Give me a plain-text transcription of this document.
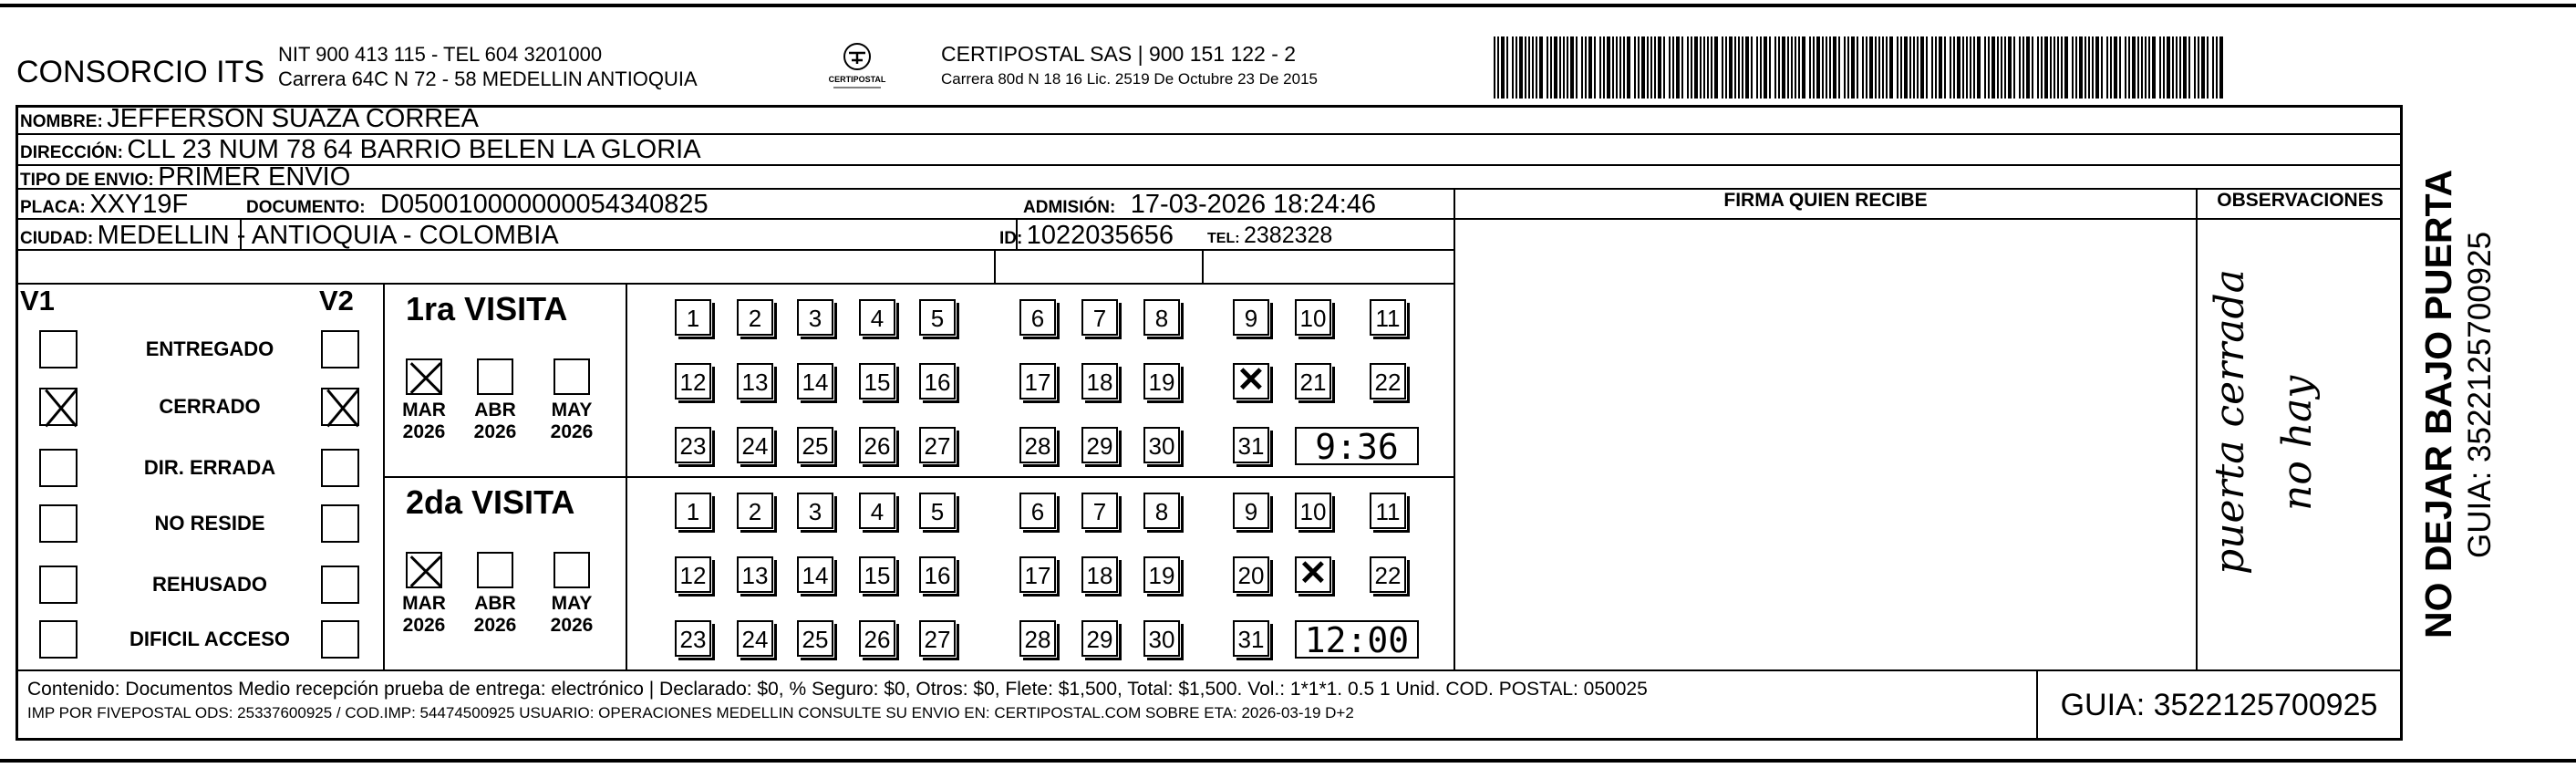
CONSORCIO ITS
NIT 900 413 115 - TEL 604 3201000
Carrera 64C N 72 - 58 MEDELLIN ANTIOQUIA	CERTIPOSTAL
CERTIPOSTAL SAS | 900 151 122 - 2
Carrera 80d N 18 16 Lic. 2519 De Octubre 23 De 2015
NOMBRE: JEFFERSON SUAZA CORREA
DIRECCIÓN: CLL 23 NUM 78 64 BARRIO BELEN LA GLORIA
TIPO DE ENVIO: PRIMER ENVIO
PLACA: XXY19F	DOCUMENTO: D050010000000054340825	ADMISIÓN: 17-03-2026 18:24:46
CIUDAD: MEDELLIN - ANTIOQUIA - COLOMBIA	ID: 1022035656 TEL: 2382328
FIRMA QUIEN RECIBE	OBSERVACIONES
V1	V2
ENTREGADO
CERRADO
DIR. ERRADA
NO RESIDE
REHUSADO
DIFICIL ACCESO
1ra VISITA
MAR
2026
ABR
2026
MAY
2026
1	2	3	4	5	6	7	8	9	10 11
12 13 14 15 16	17 18 19 ✕	21 22
23 24 25 26 27	28 29 30	31	9:36
2da VISITA
MAR
2026
ABR
2026
MAY
2026
1	2	3	4	5	6	7	8	9	10 11
12 13 14 15 16	17 18 19	20 ✕	22
23 24 25 26 27	28 29 30	31 12:00
puerta cerrada no hay
Contenido: Documentos Medio recepción prueba de entrega: electrónico | Declarado: $0, % Seguro: $0, Otros: $0, Flete: $1,500, Total: $1,500. Vol.: 1*1*1. 0.5 1 Unid. COD. POSTAL: 050025
IMP POR FIVEPOSTAL ODS: 25337600925 / COD.IMP: 54474500925 USUARIO: OPERACIONES MEDELLIN CONSULTE SU ENVIO EN: CERTIPOSTAL.COM SOBRE ETA: 2026-03-19 D+2	GUIA: 3522125700925
NO DEJAR BAJO PUERTA GUIA: 3522125700925
